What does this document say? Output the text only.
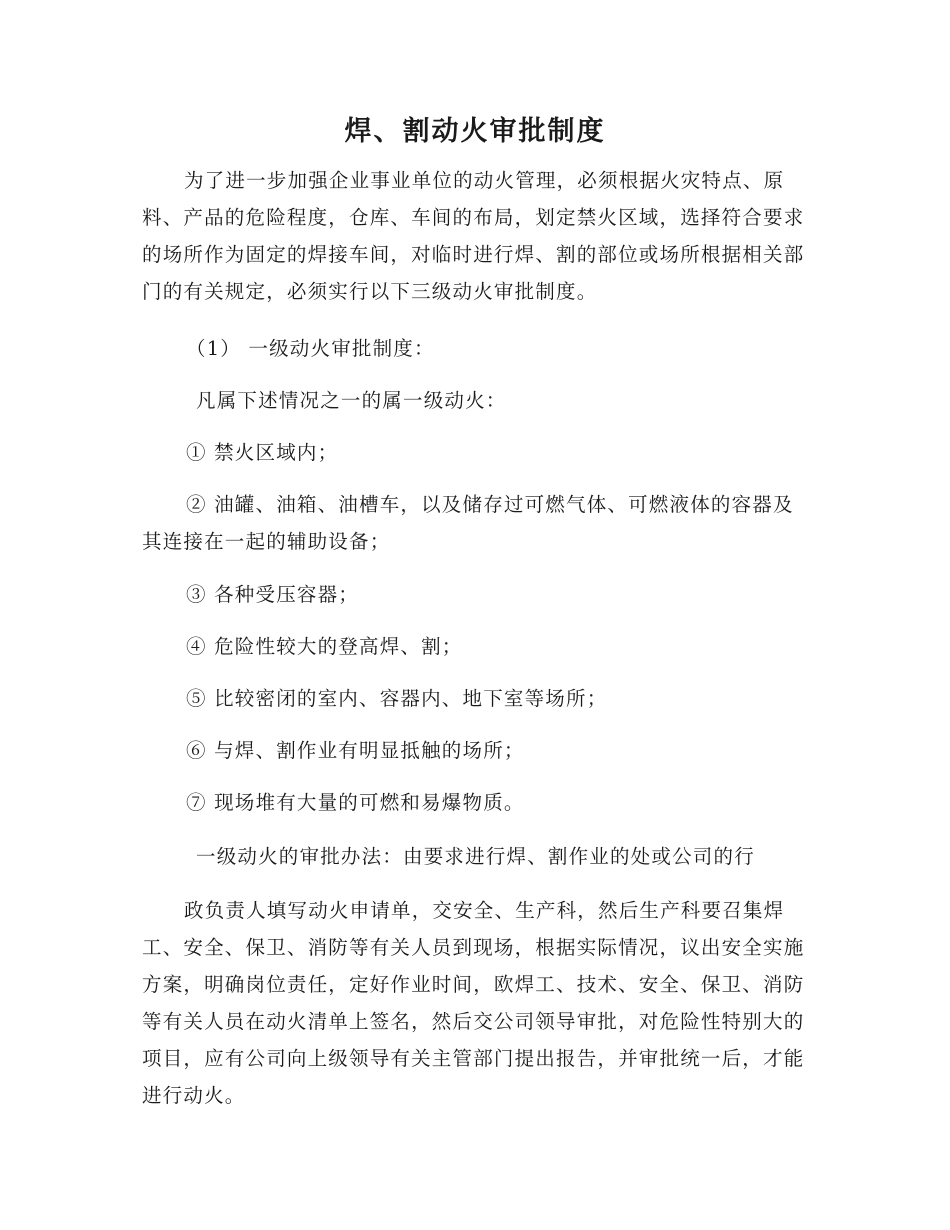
焊、割动火审批制度

为了进一步加强企业事业单位的动火管理，必须根据火灾特点、原料、产品的危险程度，仓库、车间的布局，划定禁火区域，选择符合要求的场所作为固定的焊接车间，对临时进行焊、割的部位或场所根据相关部门的有关规定，必须实行以下三级动火审批制度。

（1） 一级动火审批制度：

凡属下述情况之一的属一级动火：

① 禁火区域内；

② 油罐、油箱、油槽车，以及储存过可燃气体、可燃液体的容器及其连接在一起的辅助设备；

③ 各种受压容器；

④ 危险性较大的登高焊、割；

⑤ 比较密闭的室内、容器内、地下室等场所；

⑥ 与焊、割作业有明显抵触的场所；

⑦ 现场堆有大量的可燃和易爆物质。

一级动火的审批办法：由要求进行焊、割作业的处或公司的行

政负责人填写动火申请单，交安全、生产科，然后生产科要召集焊工、安全、保卫、消防等有关人员到现场，根据实际情况，议出安全实施方案，明确岗位责任，定好作业时间，欧焊工、技术、安全、保卫、消防等有关人员在动火清单上签名，然后交公司领导审批，对危险性特别大的项目，应有公司向上级领导有关主管部门提出报告，并审批统一后，才能进行动火。
